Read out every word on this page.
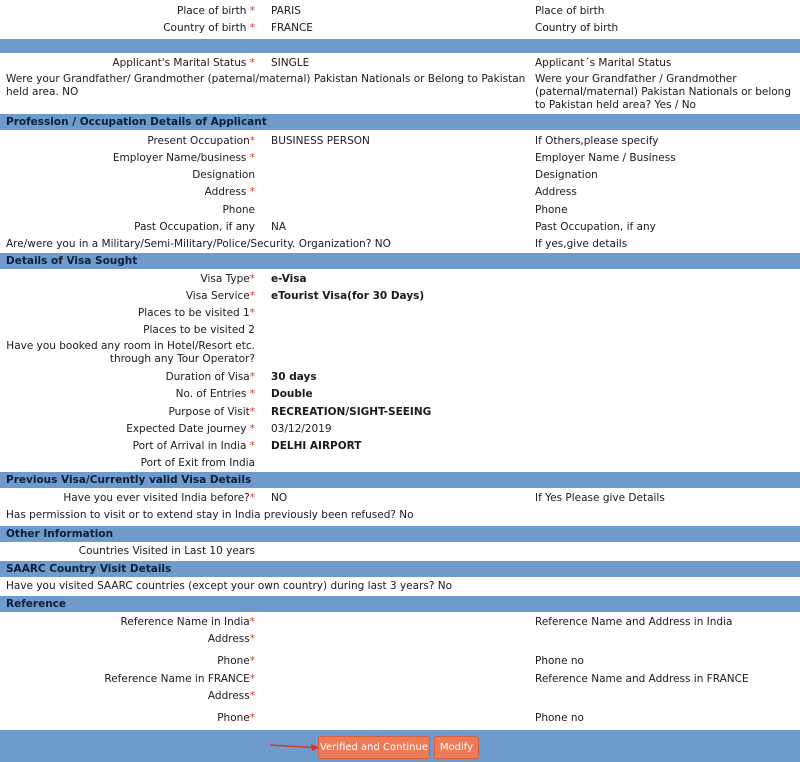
Place of birth * PARIS	Place of birth
Country of birth * FRANCE	Country of birth
Applicant's Marital Status * SINGLE	Applicant´s Marital Status
Were your Grandfather/ Grandmother (paternal/maternal) Pakistan Nationals or Belong to Pakistan held area. NO
Were your Grandfather / Grandmother (paternal/maternal) Pakistan Nationals or belong to Pakistan held area? Yes / No
Profession / Occupation Details of Applicant
Present Occupation* BUSINESS PERSON	If Others,please specify
Employer Name/business *	Employer Name / Business
Designation	Designation
Address *	Address
Phone	Phone
Past Occupation, if any NA	Past Occupation, if any
Are/were you in a Military/Semi-Military/Police/Security. Organization? NO	If yes,give details
Details of Visa Sought
Visa Type* e-Visa
Visa Service* eTourist Visa(for 30 Days)
Places to be visited 1*
Places to be visited 2
Have you booked any room in Hotel/Resort etc. through any Tour Operator?
Duration of Visa* 30 days
No. of Entries * Double
Purpose of Visit* RECREATION/SIGHT-SEEING
Expected Date journey * 03/12/2019
Port of Arrival in India * DELHI AIRPORT
Port of Exit from India
Previous Visa/Currently valid Visa Details
Have you ever visited India before?* NO	If Yes Please give Details
Has permission to visit or to extend stay in India previously been refused? No
Other Information
Countries Visited in Last 10 years
SAARC Country Visit Details
Have you visited SAARC countries (except your own country) during last 3 years? No
Reference
Reference Name in India*	Reference Name and Address in India
Address*
Phone*	Phone no
Reference Name in FRANCE*	Reference Name and Address in FRANCE
Address*
Phone*	Phone no
Verified and Continue	Modify
